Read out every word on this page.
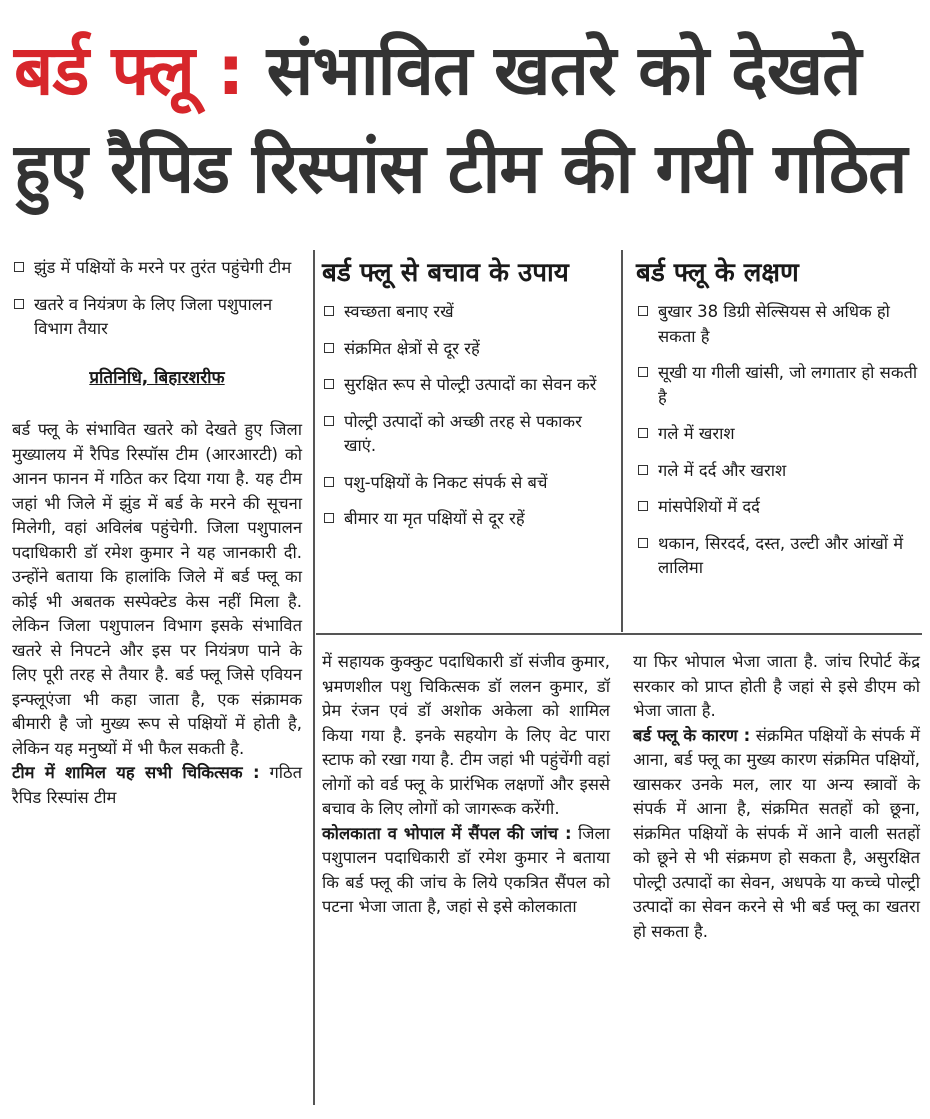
बर्ड फ्लू : संभावित खतरे को देखते
हुए रैपिड रिस्पांस टीम की गयी गठित
झुंड में पक्षियों के मरने पर तुरंत पहुंचेगी टीम
खतरे व नियंत्रण के लिए जिला पशुपालन विभाग तैयार
प्रतिनिधि, बिहारशरीफ

बर्ड फ्लू के संभावित खतरे को देखते हुए जिला मुख्यालय में रैपिड रिस्पॉस टीम (आरआरटी) को आनन फानन में गठित कर दिया गया है. यह टीम जहां भी जिले में झुंड में बर्ड के मरने की सूचना मिलेगी, वहां अविलंब पहुंचेगी. जिला पशुपालन पदाधिकारी डॉ रमेश कुमार ने यह जानकारी दी. उन्होंने बताया कि हालांकि जिले में बर्ड फ्लू का कोई भी अबतक सस्पेक्टेड केस नहीं मिला है. लेकिन जिला पशुपालन विभाग इसके संभावित खतरे से निपटने और इस पर नियंत्रण पाने के लिए पूरी तरह से तैयार है. बर्ड फ्लू जिसे एवियन इन्फ्लूएंजा भी कहा जाता है, एक संक्रामक बीमारी है जो मुख्य रूप से पक्षियों में होती है, लेकिन यह मनुष्यों में भी फैल सकती है.

टीम में शामिल यह सभी चिकित्सक : गठित रैपिड रिस्पांस टीम

बर्ड फ्लू से बचाव के उपाय
स्वच्छता बनाए रखें
संक्रमित क्षेत्रों से दूर रहें
सुरक्षित रूप से पोल्ट्री उत्पादों का सेवन करें
पोल्ट्री उत्पादों को अच्छी तरह से पकाकर खाएं.
पशु-पक्षियों के निकट संपर्क से बचें
बीमार या मृत पक्षियों से दूर रहें
बर्ड फ्लू के लक्षण
बुखार 38 डिग्री सेल्सियस से अधिक हो सकता है
सूखी या गीली खांसी, जो लगातार हो सकती है
गले में खराश
गले में दर्द और खराश
मांसपेशियों में दर्द
थकान, सिरदर्द, दस्त, उल्टी और आंखों में लालिमा

में सहायक कुक्कुट पदाधिकारी डॉ संजीव कुमार, भ्रमणशील पशु चिकित्सक डॉ ललन कुमार, डॉ प्रेम रंजन एवं डॉ अशोक अकेला को शामिल किया गया है. इनके सहयोग के लिए वेट पारा स्टाफ को रखा गया है. टीम जहां भी पहुंचेंगी वहां लोगों को वर्ड फ्लू के प्रारंभिक लक्षणों और इससे बचाव के लिए लोगों को जागरूक करेंगी.

कोलकाता व भोपाल में सैंपल की जांच : जिला पशुपालन पदाधिकारी डॉ रमेश कुमार ने बताया कि बर्ड फ्लू की जांच के लिये एकत्रित सैंपल को पटना भेजा जाता है, जहां से इसे कोलकाता

या फिर भोपाल भेजा जाता है. जांच रिपोर्ट केंद्र सरकार को प्राप्त होती है जहां से इसे डीएम को भेजा जाता है.

बर्ड फ्लू के कारण : संक्रमित पक्षियों के संपर्क में आना, बर्ड फ्लू का मुख्य कारण संक्रमित पक्षियों, खासकर उनके मल, लार या अन्य स्त्रावों के संपर्क में आना है, संक्रमित सतहों को छूना, संक्रमित पक्षियों के संपर्क में आने वाली सतहों को छूने से भी संक्रमण हो सकता है, असुरक्षित पोल्ट्री उत्पादों का सेवन, अधपके या कच्चे पोल्ट्री उत्पादों का सेवन करने से भी बर्ड फ्लू का खतरा हो सकता है.
